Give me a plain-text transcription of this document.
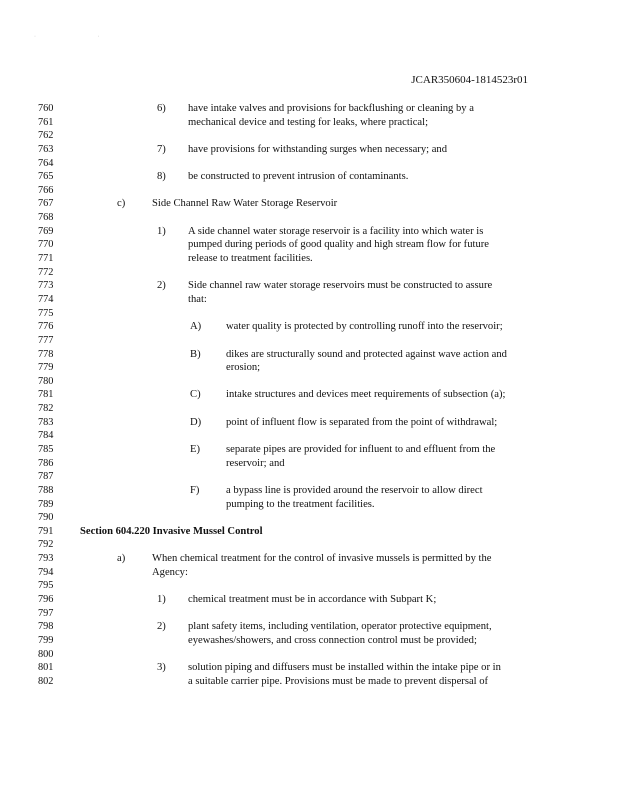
· ·
JCAR350604-1814523r01
760
761
762
763
764
765
766
767
768
769
770
771
772
773
774
775
776
777
778
779
780
781
782
783
784
785
786
787
788
789
790
791
792
793
794
795
796
797
798
799
800
801
802
6) have intake valves and provisions for backflushing or cleaning by a
mechanical device and testing for leaks, where practical;
7) have provisions for withstanding surges when necessary; and
8) be constructed to prevent intrusion of contaminants.
c)	Side Channel Raw Water Storage Reservoir
1) A side channel water storage reservoir is a facility into which water is
pumped during periods of good quality and high stream flow for future
release to treatment facilities.
2) Side channel raw water storage reservoirs must be constructed to assure
that:
A) water quality is protected by controlling runoff into the reservoir;
B) dikes are structurally sound and protected against wave action and
erosion;
C) intake structures and devices meet requirements of subsection (a);
D) point of influent flow is separated from the point of withdrawal;
E) separate pipes are provided for influent to and effluent from the
reservoir; and
F)	a bypass line is provided around the reservoir to allow direct
pumping to the treatment facilities.
Section 604.220 Invasive Mussel Control
a)	When chemical treatment for the control of invasive mussels is permitted by the
Agency:
1) chemical treatment must be in accordance with Subpart K;
2) plant safety items, including ventilation, operator protective equipment,
eyewashes/showers, and cross connection control must be provided;
3) solution piping and diffusers must be installed within the intake pipe or in
a suitable carrier pipe. Provisions must be made to prevent dispersal of
